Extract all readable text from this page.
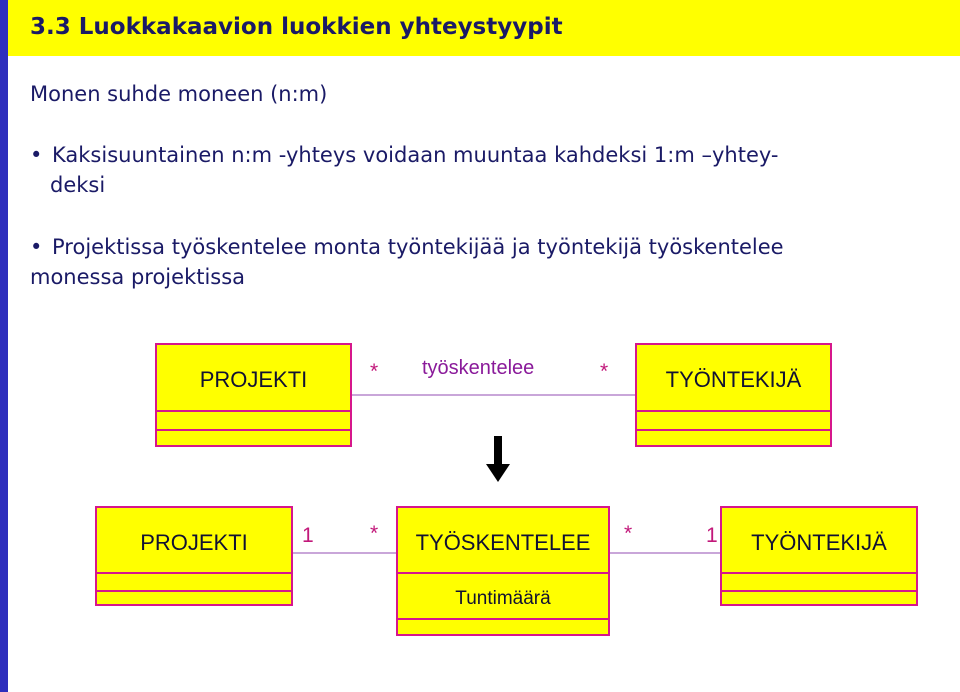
3.3 Luokkakaavion luokkien yhteystyypit
Monen suhde moneen (n:m)
• Kaksisuuntainen n:m -yhteys voidaan muuntaa kahdeksi 1:m –yhtey-
deksi
• Projektissa työskentelee monta työntekijää ja työntekijä työskentelee
monessa projektissa
PROJEKTI	* työskentelee	*	TYÖNTEKIJÄ
PROJEKTI	1	*	TYÖSKENTELEE
Tuntimäärä
*	1	TYÖNTEKIJÄ
